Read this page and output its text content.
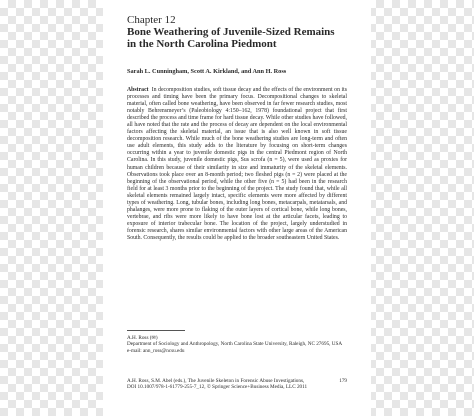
Chapter 12

Bone Weathering of Juvenile-Sized Remains

in the North Carolina Piedmont

Sarah L. Cunningham, Scott A. Kirkland, and Ann H. Ross
Abstract In decomposition studies, soft tissue decay and the effects of the environment on its processes and timing have been the primary focus. Decompositional changes to skeletal material, often called bone weathering, have been observed in far fewer research studies, most notably Behrensmeyer’s (Paleobiology 4:150–162, 1978) foundational project that first described the process and time frame for hard tissue decay. While other studies have followed, all have noted that the rate and the process of decay are dependent on the local environmental factors affecting the skeletal material, an issue that is also well known in soft tissue decomposition research. While much of the bone weathering studies are long-term and often use adult elements, this study adds to the literature by focusing on short-term changes occurring within a year to juvenile domestic pigs in the central Piedmont region of North Carolina. In this study, juvenile domestic pigs, Sus scrofa (n = 5), were used as proxies for human children because of their similarity in size and immaturity of the skeletal elements. Observations took place over an 8-month period; two fleshed pigs (n = 2) were placed at the beginning of the observational period, while the other five (n = 5) had been in the research field for at least 3 months prior to the beginning of the project. The study found that, while all skeletal elements remained largely intact, specific elements were more affected by different types of weathering. Long, tubular bones, including long bones, metacarpals, metatarsals, and phalanges, were more prone to flaking of the outer layers of cortical bone, while long bones, vertebrae, and ribs were more likely to have bone lost at the articular facets, leading to exposure of interior trabecular bone. The location of the project, largely understudied in forensic research, shares similar environmental factors with other large areas of the American South. Consequently, the results could be applied to the broader southeastern United States.
A.H. Ross (✉)
Department of Sociology and Anthropology, North Carolina State University, Raleigh, NC 27695, USA
e-mail: ann_ross@ncsu.edu
A.H. Ross, S.M. Abel (eds.), The Juvenile Skeleton in Forensic Abuse Investigations,
DOI 10.1007/978-1-61779-255-7_12, © Springer Science+Business Media, LLC 2011
179
